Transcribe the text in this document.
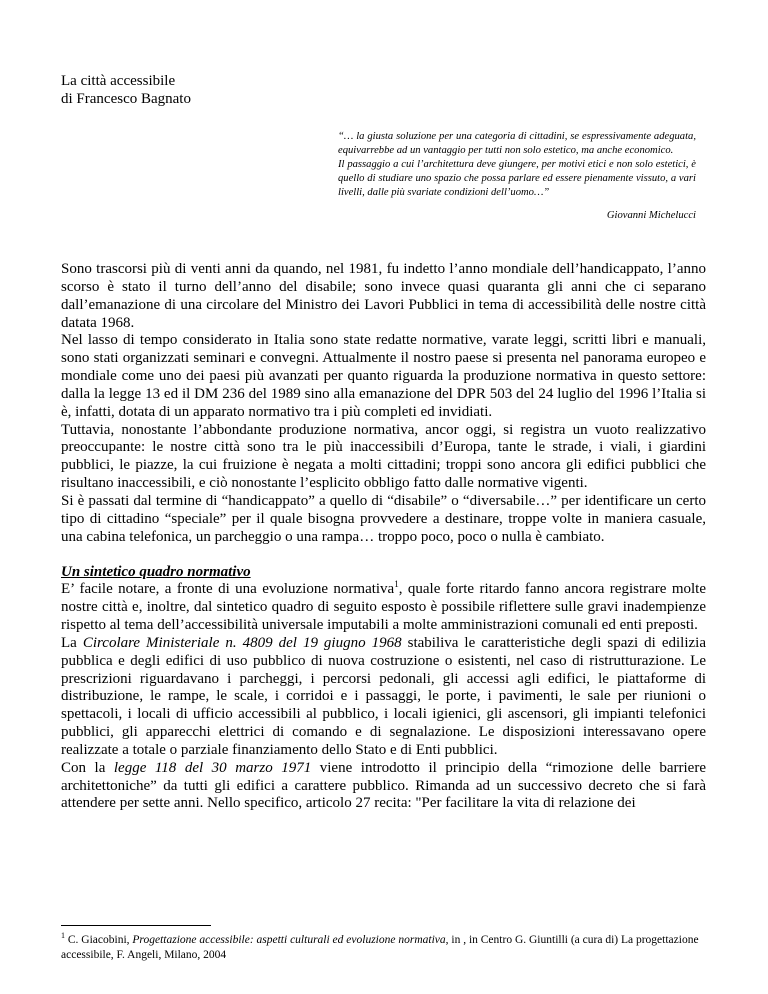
La città accessibile
di Francesco Bagnato

“… la giusta soluzione per una categoria di cittadini, se espressivamente adeguata, equivarrebbe ad un vantaggio per tutti non solo estetico, ma anche economico.

Il passaggio a cui l’architettura deve giungere, per motivi etici e non solo estetici, è quello di studiare uno spazio che possa parlare ed essere pienamente vissuto, a vari livelli, dalle più svariate condizioni dell’uomo…”

Giovanni Michelucci

Sono trascorsi più di venti anni da quando, nel 1981, fu indetto l’anno mondiale dell’handicappato, l’anno scorso è stato il turno dell’anno del disabile; sono invece quasi quaranta gli anni che ci separano dall’emanazione di una circolare del Ministro dei Lavori Pubblici in tema di accessibilità delle nostre città datata 1968.

Nel lasso di tempo considerato in Italia sono state redatte normative, varate leggi, scritti libri e manuali, sono stati organizzati seminari e convegni. Attualmente il nostro paese si presenta nel panorama europeo e mondiale come uno dei paesi più avanzati per quanto riguarda la produzione normativa in questo settore: dalla la legge 13 ed il DM 236 del 1989 sino alla emanazione del DPR 503 del 24 luglio del 1996 l’Italia si è, infatti, dotata di un apparato normativo tra i più completi ed invidiati.

Tuttavia, nonostante l’abbondante produzione normativa, ancor oggi, si registra un vuoto realizzativo preoccupante: le nostre città sono tra le più inaccessibili d’Europa, tante le strade, i viali, i giardini pubblici, le piazze, la cui fruizione è negata a molti cittadini; troppi sono ancora gli edifici pubblici che risultano inaccessibili, e ciò nonostante l’esplicito obbligo fatto dalle normative vigenti.

Si è passati dal termine di “handicappato” a quello di “disabile” o “diversabile…” per identificare un certo tipo di cittadino “speciale” per il quale bisogna provvedere a destinare, troppe volte in maniera casuale, una cabina telefonica, un parcheggio o una rampa… troppo poco, poco o nulla è cambiato.

Un sintetico quadro normativo

E’ facile notare, a fronte di una evoluzione normativa$^1$, quale forte ritardo fanno ancora registrare molte nostre città e, inoltre, dal sintetico quadro di seguito esposto è possibile riflettere sulle gravi inadempienze rispetto al tema dell’accessibilità universale imputabili a molte amministrazioni comunali ed enti preposti.

La Circolare Ministeriale n. 4809 del 19 giugno 1968 stabiliva le caratteristiche degli spazi di edilizia pubblica e degli edifici di uso pubblico di nuova costruzione o esistenti, nel caso di ristrutturazione. Le prescrizioni riguardavano i parcheggi, i percorsi pedonali, gli accessi agli edifici, le piattaforme di distribuzione, le rampe, le scale, i corridoi e i passaggi, le porte, i pavimenti, le sale per riunioni o spettacoli, i locali di ufficio accessibili al pubblico, i locali igienici, gli ascensori, gli impianti telefonici pubblici, gli apparecchi elettrici di comando e di segnalazione. Le disposizioni interessavano opere realizzate a totale o parziale finanziamento dello Stato e di Enti pubblici.

Con la legge 118 del 30 marzo 1971 viene introdotto il principio della “rimozione delle barriere architettoniche” da tutti gli edifici a carattere pubblico. Rimanda ad un successivo decreto che si farà attendere per sette anni. Nello specifico, articolo 27 recita: "Per facilitare la vita di relazione dei

$^1$ C. Giacobini, Progettazione accessibile: aspetti culturali ed evoluzione normativa, in , in Centro G. Giuntilli (a cura di) La progettazione accessibile, F. Angeli, Milano, 2004
